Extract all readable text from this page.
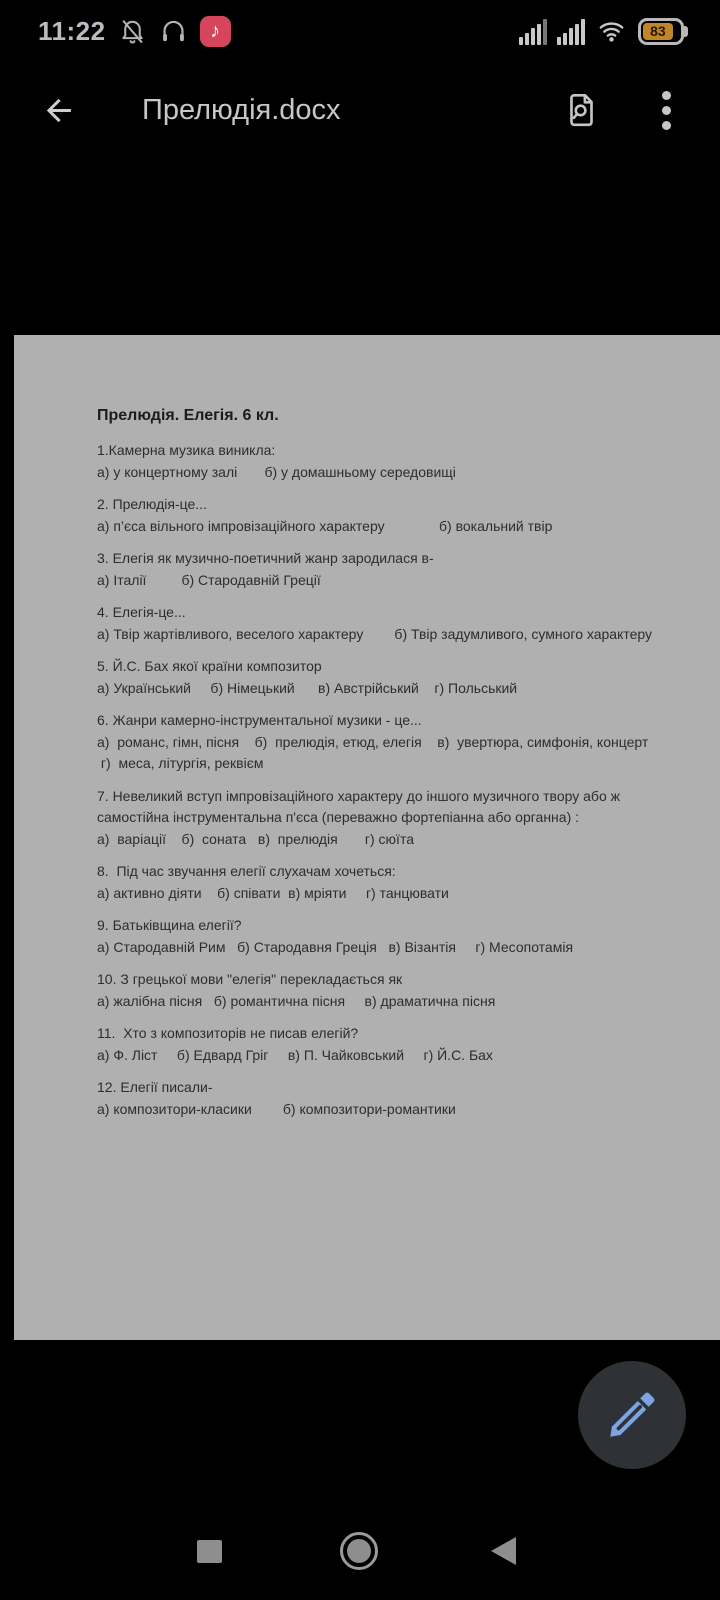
11:22	♪	83
Прелюдія.docx
Прелюдія. Елегія. 6 кл.
1.Камерна музика виникла:
а) у концертному залі       б) у домашньому середовищі
2. Прелюдія-це...
а) п’єса вільного імпровізаційного характеру              б) вокальний твір
3. Елегія як музично-поетичний жанр зародилася в-
а) Італії         б) Стародавній Греції
4. Елегія-це...
а) Твір жартівливого, веселого характеру        б) Твір задумливого, сумного характеру
5. Й.С. Бах якої країни композитор
а) Український     б) Німецький      в) Австрійський    г) Польський
6. Жанри камерно-інструментальної музики - це...
а)  романс, гімн, пісня    б)  прелюдія, етюд, елегія    в)  увертюра, симфонія, концерт
г)  меса, літургія, реквієм
7. Невеликий вступ імпровізаційного характеру до іншого музичного твору або ж
самостійна інструментальна п'єса (переважно фортепіанна або органна) :
а)  варіації    б)  соната   в)  прелюдія       г) сюїта
8.  Під час звучання елегії слухачам хочеться:
а) активно діяти    б) співати  в) мріяти     г) танцювати
9. Батьківщина елегії?
а) Стародавній Рим   б) Стародавня Греція   в) Візантія     г) Месопотамія
10. З грецької мови "елегія" перекладається як
а) жалібна пісня   б) романтична пісня     в) драматична пісня
11.  Хто з композиторів не писав елегій?
а) Ф. Ліст     б) Едвард Гріг     в) П. Чайковський     г) Й.С. Бах
12. Елегії писали-
а) композитори-класики        б) композитори-романтики
